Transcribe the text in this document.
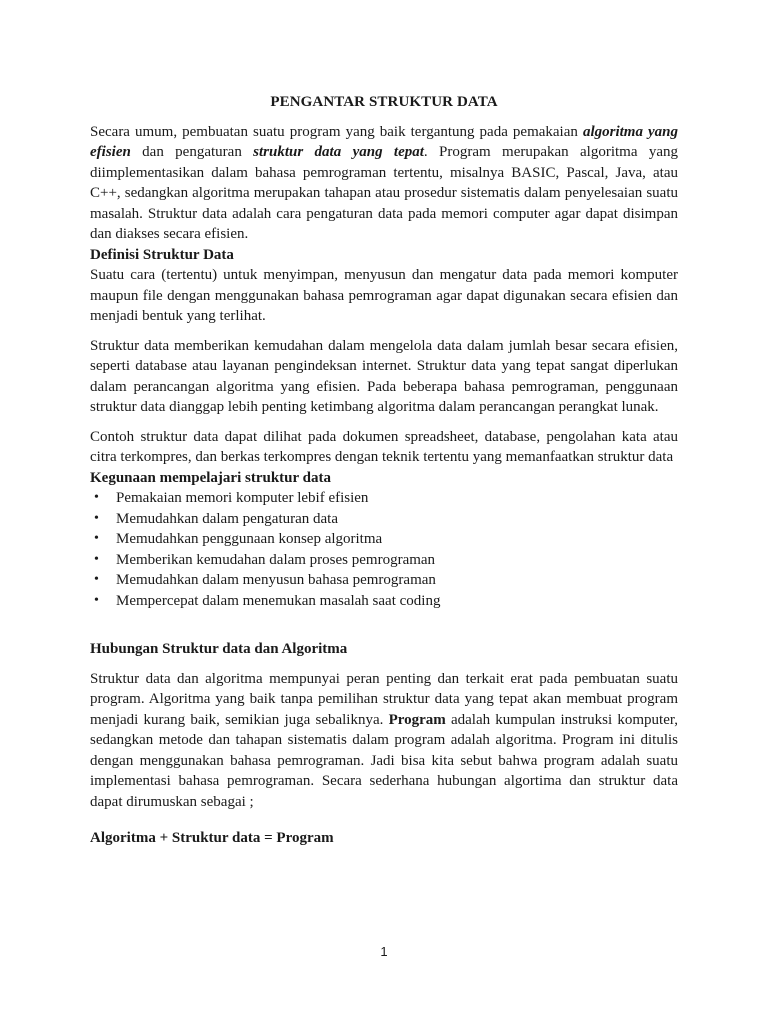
PENGANTAR STRUKTUR DATA

Secara umum, pembuatan suatu program yang baik tergantung pada pemakaian algoritma yang efisien dan pengaturan struktur data yang tepat. Program merupakan algoritma yang diimplementasikan dalam bahasa pemrograman tertentu, misalnya BASIC, Pascal, Java, atau C++, sedangkan algoritma merupakan tahapan atau prosedur sistematis dalam penyelesaian suatu masalah. Struktur data adalah cara pengaturan data pada memori computer agar dapat disimpan dan diakses secara efisien.

Definisi Struktur Data

Suatu cara (tertentu) untuk menyimpan, menyusun dan mengatur data pada memori komputer maupun file dengan menggunakan bahasa pemrograman agar dapat digunakan secara efisien dan menjadi bentuk yang terlihat.

Struktur data memberikan kemudahan dalam mengelola data dalam jumlah besar secara efisien, seperti database atau layanan pengindeksan internet. Struktur data yang tepat sangat diperlukan dalam perancangan algoritma yang efisien. Pada beberapa bahasa pemrograman, penggunaan struktur data dianggap lebih penting ketimbang algoritma dalam perancangan perangkat lunak.

Contoh struktur data dapat dilihat pada dokumen spreadsheet, database, pengolahan kata atau citra terkompres, dan berkas terkompres dengan teknik tertentu yang memanfaatkan struktur data

Kegunaan mempelajari struktur data
• Pemakaian memori komputer lebif efisien
• Memudahkan dalam pengaturan data
• Memudahkan penggunaan konsep algoritma
• Memberikan kemudahan dalam proses pemrograman
• Memudahkan dalam menyusun bahasa pemrograman
• Mempercepat dalam menemukan masalah saat coding
Hubungan Struktur data dan Algoritma

Struktur data dan algoritma mempunyai peran penting dan terkait erat pada pembuatan suatu program. Algoritma yang baik tanpa pemilihan struktur data yang tepat akan membuat program menjadi kurang baik, semikian juga sebaliknya. Program adalah kumpulan instruksi komputer, sedangkan metode dan tahapan sistematis dalam program adalah algoritma. Program ini ditulis dengan menggunakan bahasa pemrograman. Jadi bisa kita sebut bahwa program adalah suatu implementasi bahasa pemrograman. Secara sederhana hubungan algortima dan struktur data dapat dirumuskan sebagai ;

Algoritma + Struktur data = Program
1
